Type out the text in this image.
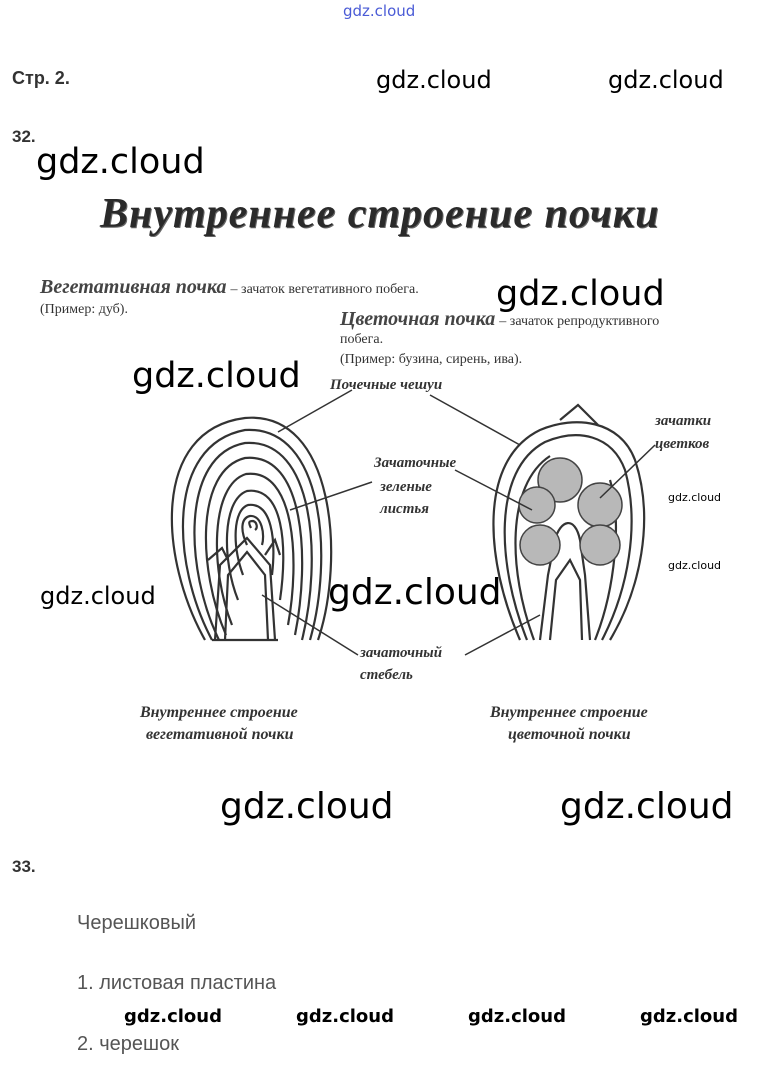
gdz.cloud
Стр. 2.	gdz.cloud	gdz.cloud
32.
gdz.cloud
Внутреннее строение почки
Вегетативная почка – зачаток вегетативного побега.
(Пример: дуб).	gdz.cloud
Цветочная почка – зачаток репродуктивного
побега.
(Пример: бузина, сирень, ива).
gdz.cloud Почечные чешуи
зачатки
цветков
Зачаточные
зеленые
листья
зачаточный
стебель
gdz.cloud
gdz.cloud
gdz.cloud	gdz.cloud
Внутреннее строение
вегетативной почки
Внутреннее строение
цветочной почки
gdz.cloud	gdz.cloud
33.
Черешковый
1. листовая пластина
gdz.cloud	gdz.cloud	gdz.cloud	gdz.cloud
2. черешок
